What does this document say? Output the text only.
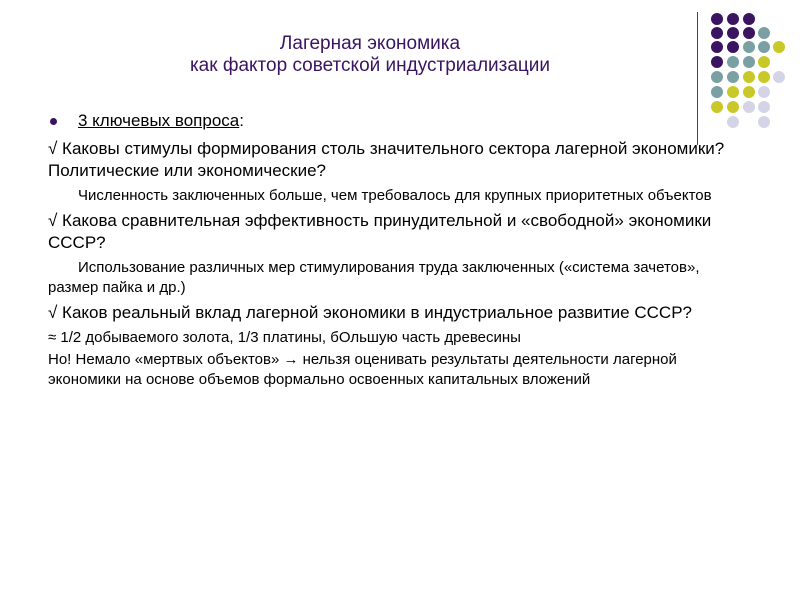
Лагерная экономика
как фактор советской индустриализации
3 ключевых вопроса:

√ Каковы стимулы формирования столь значительного сектора лагерной экономики? Политические или экономические?

Численность заключенных больше, чем требовалось для крупных приоритетных объектов

√ Какова сравнительная эффективность принудительной и «свободной» экономики СССР?

Использование различных мер стимулирования труда заключенных («система зачетов», размер пайка и др.)

√ Каков реальный вклад лагерной экономики в индустриальное развитие СССР?

≈ 1/2 добываемого золота, 1/3 платины, бОльшую часть древесины

Но! Немало «мертвых объектов» → нельзя оценивать результаты деятельности лагерной экономики на основе объемов формально освоенных капитальных вложений
